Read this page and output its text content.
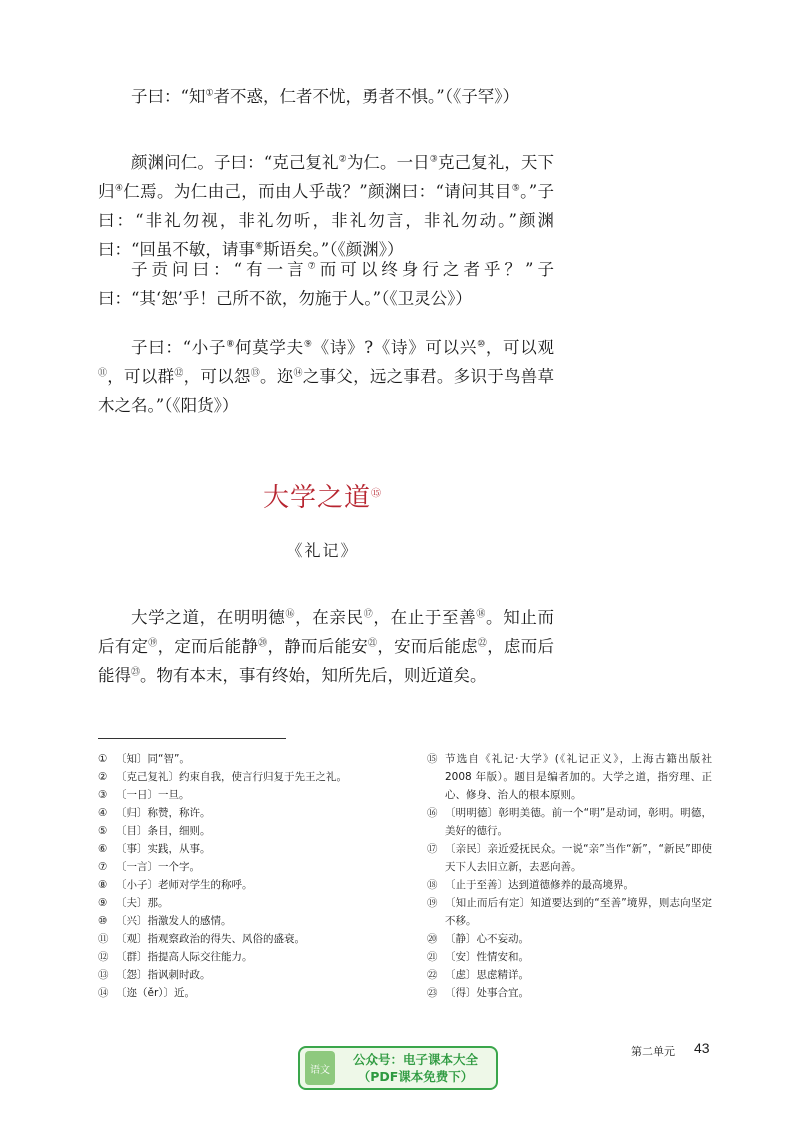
子曰：“知①者不惑，仁者不忧，勇者不惧。”（《子罕》）

颜渊问仁。子曰：“克己复礼②为仁。一日③克己复礼，天下归④仁焉。为仁由己，而由人乎哉？”颜渊曰：“请问其目⑤。”子曰：“非礼勿视，非礼勿听，非礼勿言，非礼勿动。”颜渊曰：“回虽不敏，请事⑥斯语矣。”（《颜渊》）

子贡问曰：“有一言⑦而可以终身行之者乎？”子曰：“其‘恕’乎！己所不欲，勿施于人。”（《卫灵公》）

子曰：“小子⑧何莫学夫⑨《诗》?《诗》可以兴⑩，可以观⑪，可以群⑫，可以怨⑬。迩⑭之事父，远之事君。多识于鸟兽草木之名。”（《阳货》）

大学之道⑮
《礼记》

大学之道，在明明德⑯，在亲民⑰，在止于至善⑱。知止而后有定⑲，定而后能静⑳，静而后能安$^㉑$，安而后能虑$^㉒$，虑而后能得$^㉓$。物有本末，事有终始，知所先后，则近道矣。

① 〔知〕同“智”。
② 〔克己复礼〕约束自我，使言行归复于先王之礼。
③ 〔一日〕一旦。
④ 〔归〕称赞，称许。
⑤ 〔目〕条目，细则。
⑥ 〔事〕实践，从事。
⑦ 〔一言〕一个字。
⑧ 〔小子〕老师对学生的称呼。
⑨ 〔夫〕那。
⑩ 〔兴〕指激发人的感情。
⑪ 〔观〕指观察政治的得失、风俗的盛衰。
⑫ 〔群〕指提高人际交往能力。
⑬ 〔怨〕指讽刺时政。
⑭ 〔迩（ěr）〕近。
⑮ 节选自《礼记·大学》(《礼记正义》，上海古籍出版社 2008 年版）。题目是编者加的。大学之道，指穷理、正心、修身、治人的根本原则。
⑯ 〔明明德〕彰明美德。前一个“明”是动词，彰明。明德，美好的德行。
⑰ 〔亲民〕亲近爱抚民众。一说“亲”当作“新”，“新民”即使天下人去旧立新，去恶向善。
⑱ 〔止于至善〕达到道德修养的最高境界。
⑲ 〔知止而后有定〕知道要达到的“至善”境界，则志向坚定不移。
⑳ 〔静〕心不妄动。
㉑ 〔安〕性情安和。
㉒ 〔虑〕思虑精详。
㉓ 〔得〕处事合宜。
第二单元 43
语文
公众号：电子课本大全
（PDF课本免费下）
